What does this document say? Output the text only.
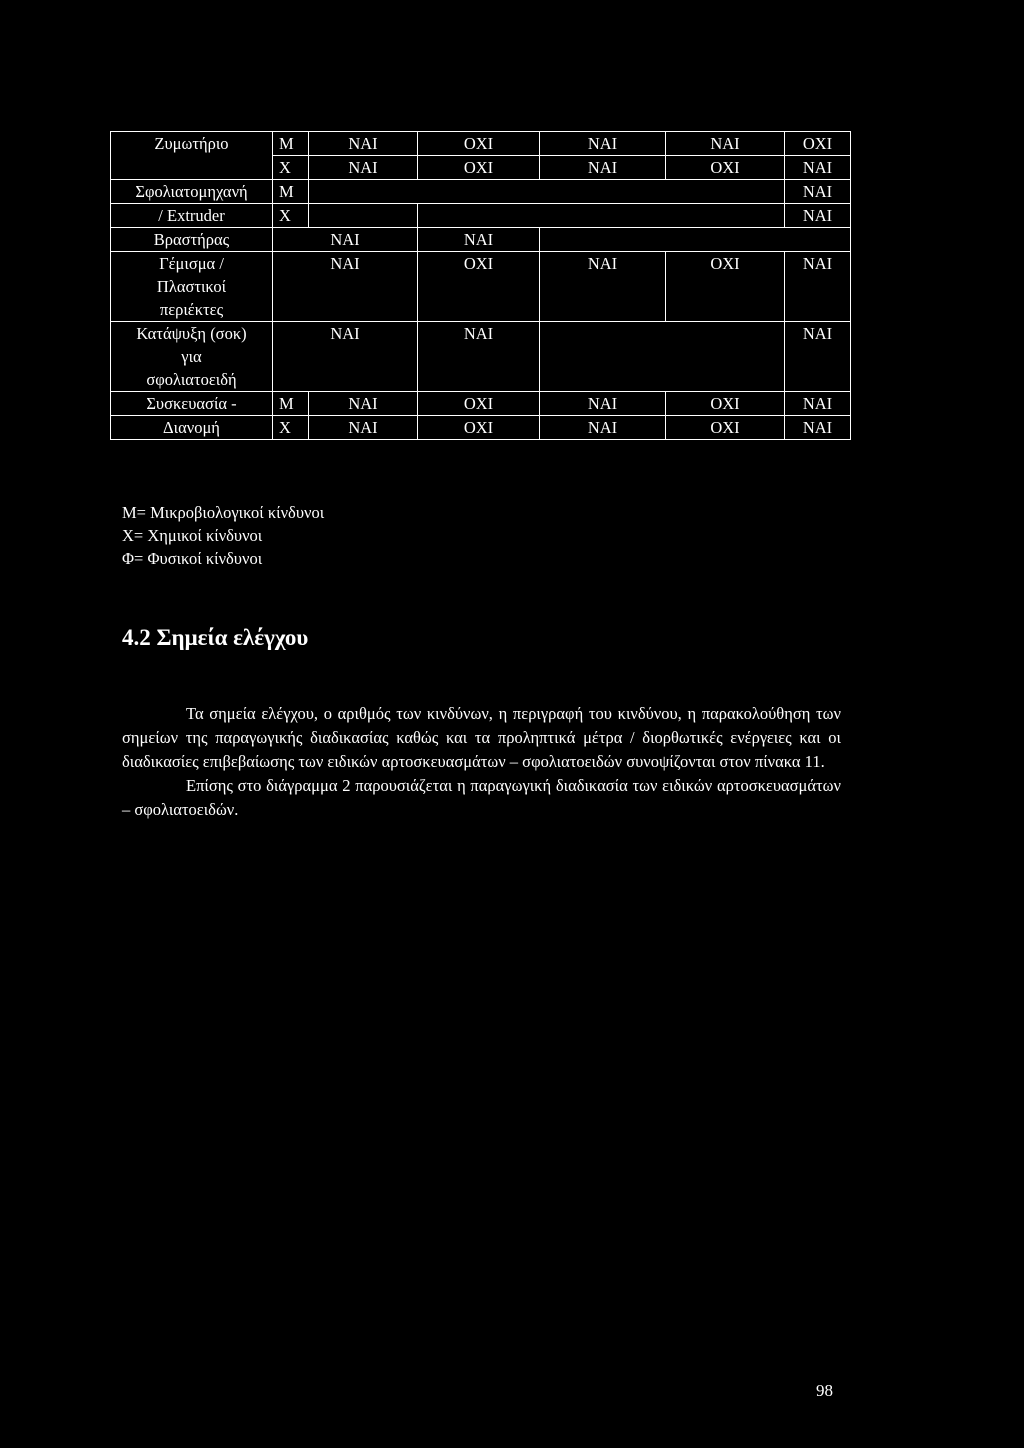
Ζυμωτήριο	Μ	ΝΑΙ	ΟΧΙ	ΝΑΙ	ΝΑΙ	ΟΧΙ
	Χ	ΝΑΙ	ΟΧΙ	ΝΑΙ	ΟΧΙ	ΝΑΙ
Σφολιατομηχανή	Μ					ΝΑΙ
/ Extruder	Χ					ΝΑΙ
Βραστήρας	ΝΑΙ		ΝΑΙ			

Γέμισμα /
Πλαστικοί
περιέκτες	ΝΑΙ		ΟΧΙ	ΝΑΙ	ΟΧΙ	ΝΑΙ

Κατάψυξη (σοκ)
για
σφολιατοειδή	ΝΑΙ		ΝΑΙ			ΝΑΙ
Συσκευασία -	Μ	ΝΑΙ	ΟΧΙ	ΝΑΙ	ΟΧΙ	ΝΑΙ
Διανομή	Χ	ΝΑΙ	ΟΧΙ	ΝΑΙ	ΟΧΙ	ΝΑΙ
Μ= Μικροβιολογικοί κίνδυνοι
Χ= Χημικοί κίνδυνοι
Φ= Φυσικοί κίνδυνοι
4.2 Σημεία ελέγχου

Τα σημεία ελέγχου, ο αριθμός των κινδύνων, η περιγραφή του κινδύνου, η παρακολούθηση των σημείων της παραγωγικής διαδικασίας καθώς και τα προληπτικά μέτρα / διορθωτικές ενέργειες και οι διαδικασίες επιβεβαίωσης των ειδικών αρτοσκευασμάτων – σφολιατοειδών συνοψίζονται στον πίνακα 11.

Επίσης στο διάγραμμα 2 παρουσιάζεται η παραγωγική διαδικασία των ειδικών αρτοσκευασμάτων – σφολιατοειδών.

98
